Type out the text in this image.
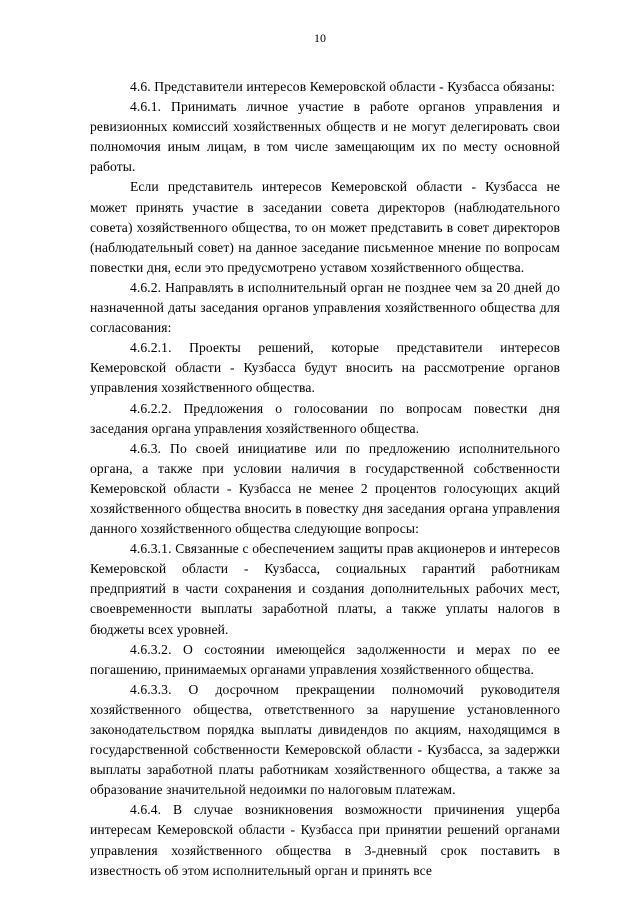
10

4.6. Представители интересов Кемеровской области - Кузбасса обязаны:

4.6.1. Принимать личное участие в работе органов управления и ревизионных комиссий хозяйственных обществ и не могут делегировать свои полномочия иным лицам, в том числе замещающим их по месту основной работы.

Если представитель интересов Кемеровской области - Кузбасса не может принять участие в заседании совета директоров (наблюдательного совета) хозяйственного общества, то он может представить в совет директоров (наблюдательный совет) на данное заседание письменное мнение по вопросам повестки дня, если это предусмотрено уставом хозяйственного общества.

4.6.2. Направлять в исполнительный орган не позднее чем за 20 дней до назначенной даты заседания органов управления хозяйственного общества для согласования:

4.6.2.1. Проекты решений, которые представители интересов Кемеровской области - Кузбасса будут вносить на рассмотрение органов управления хозяйственного общества.

4.6.2.2. Предложения о голосовании по вопросам повестки дня заседания органа управления хозяйственного общества.

4.6.3. По своей инициативе или по предложению исполнительного органа, а также при условии наличия в государственной собственности Кемеровской области - Кузбасса не менее 2 процентов голосующих акций хозяйственного общества вносить в повестку дня заседания органа управления данного хозяйственного общества следующие вопросы:

4.6.3.1. Связанные с обеспечением защиты прав акционеров и интересов Кемеровской области - Кузбасса, социальных гарантий работникам предприятий в части сохранения и создания дополнительных рабочих мест, своевременности выплаты заработной платы, а также уплаты налогов в бюджеты всех уровней.

4.6.3.2. О состоянии имеющейся задолженности и мерах по ее погашению, принимаемых органами управления хозяйственного общества.

4.6.3.3. О досрочном прекращении полномочий руководителя хозяйственного общества, ответственного за нарушение установленного законодательством порядка выплаты дивидендов по акциям, находящимся в государственной собственности Кемеровской области - Кузбасса, за задержки выплаты заработной платы работникам хозяйственного общества, а также за образование значительной недоимки по налоговым платежам.

4.6.4. В случае возникновения возможности причинения ущерба интересам Кемеровской области - Кузбасса при принятии решений органами управления хозяйственного общества в 3-дневный срок поставить в известность об этом исполнительный орган и принять все
